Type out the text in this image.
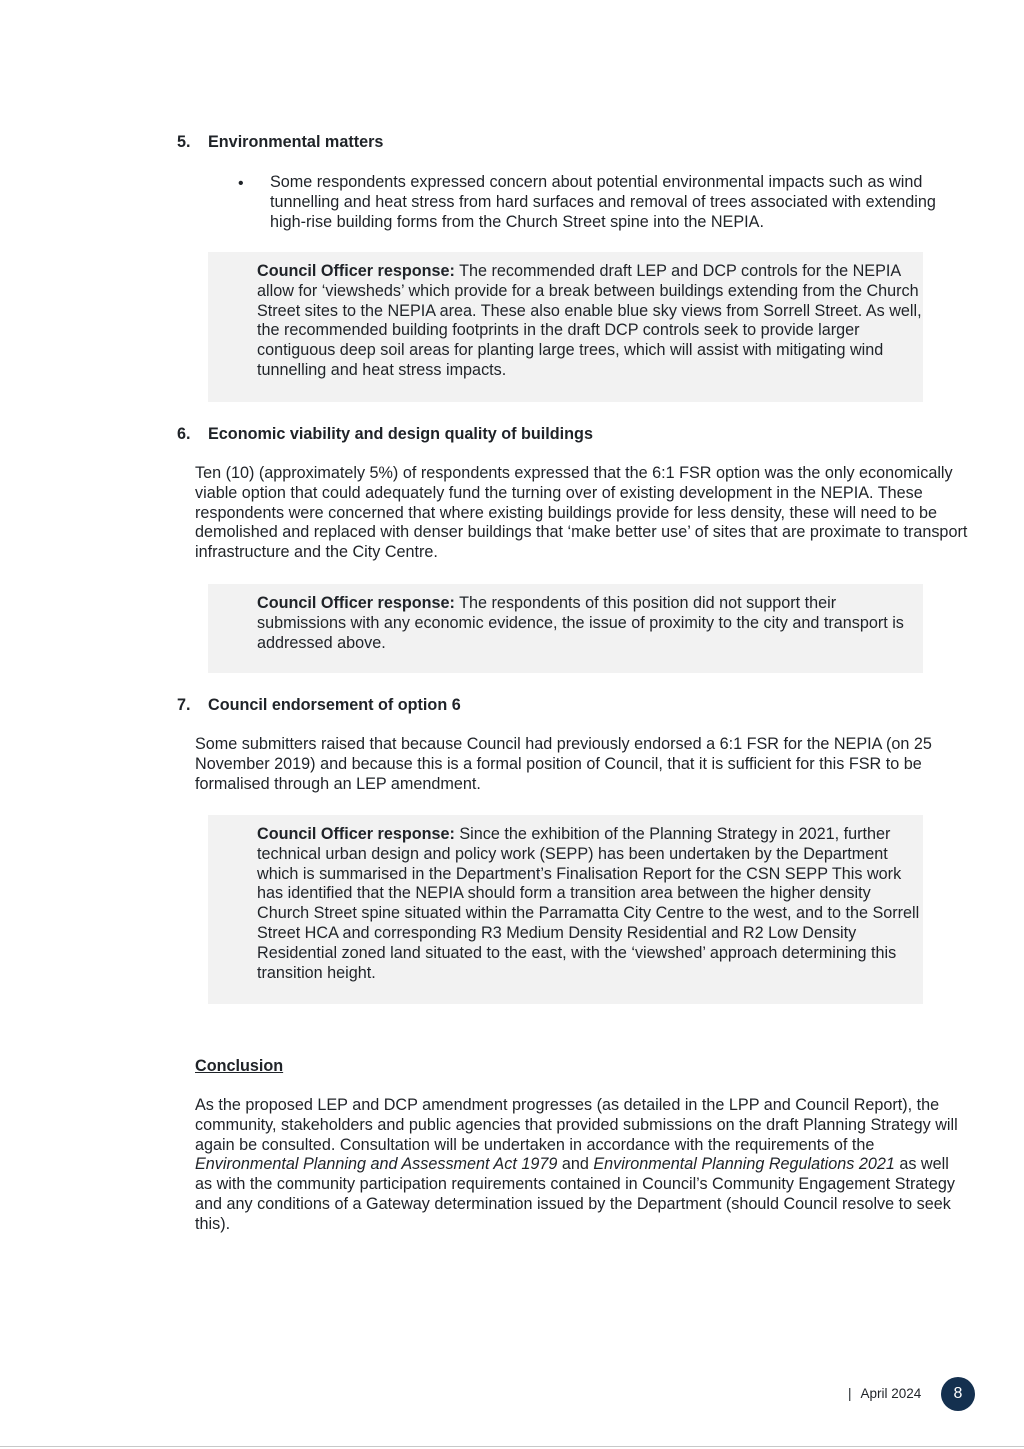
5. Environmental matters
• Some respondents expressed concern about potential environmental impacts such as wind tunnelling and heat stress from hard surfaces and removal of trees associated with extending high-rise building forms from the Church Street spine into the NEPIA.
Council Officer response: The recommended draft LEP and DCP controls for the NEPIA allow for ‘viewsheds’ which provide for a break between buildings extending from the Church Street sites to the NEPIA area. These also enable blue sky views from Sorrell Street. As well, the recommended building footprints in the draft DCP controls seek to provide larger contiguous deep soil areas for planting large trees, which will assist with mitigating wind tunnelling and heat stress impacts.
6. Economic viability and design quality of buildings
Ten (10) (approximately 5%) of respondents expressed that the 6:1 FSR option was the only economically viable option that could adequately fund the turning over of existing development in the NEPIA. These respondents were concerned that where existing buildings provide for less density, these will need to be demolished and replaced with denser buildings that ‘make better use’ of sites that are proximate to transport infrastructure and the City Centre.
Council Officer response: The respondents of this position did not support their submissions with any economic evidence, the issue of proximity to the city and transport is addressed above.
7. Council endorsement of option 6
Some submitters raised that because Council had previously endorsed a 6:1 FSR for the NEPIA (on 25 November 2019) and because this is a formal position of Council, that it is sufficient for this FSR to be formalised through an LEP amendment.
Council Officer response: Since the exhibition of the Planning Strategy in 2021, further technical urban design and policy work (SEPP) has been undertaken by the Department which is summarised in the Department’s Finalisation Report for the CSN SEPP This work has identified that the NEPIA should form a transition area between the higher density Church Street spine situated within the Parramatta City Centre to the west, and to the Sorrell Street HCA and corresponding R3 Medium Density Residential and R2 Low Density Residential zoned land situated to the east, with the ‘viewshed’ approach determining this transition height.
Conclusion
As the proposed LEP and DCP amendment progresses (as detailed in the LPP and Council Report), the community, stakeholders and public agencies that provided submissions on the draft Planning Strategy will again be consulted. Consultation will be undertaken in accordance with the requirements of the Environmental Planning and Assessment Act 1979 and Environmental Planning Regulations 2021 as well as with the community participation requirements contained in Council’s Community Engagement Strategy and any conditions of a Gateway determination issued by the Department (should Council resolve to seek this).
| April 2024	8
